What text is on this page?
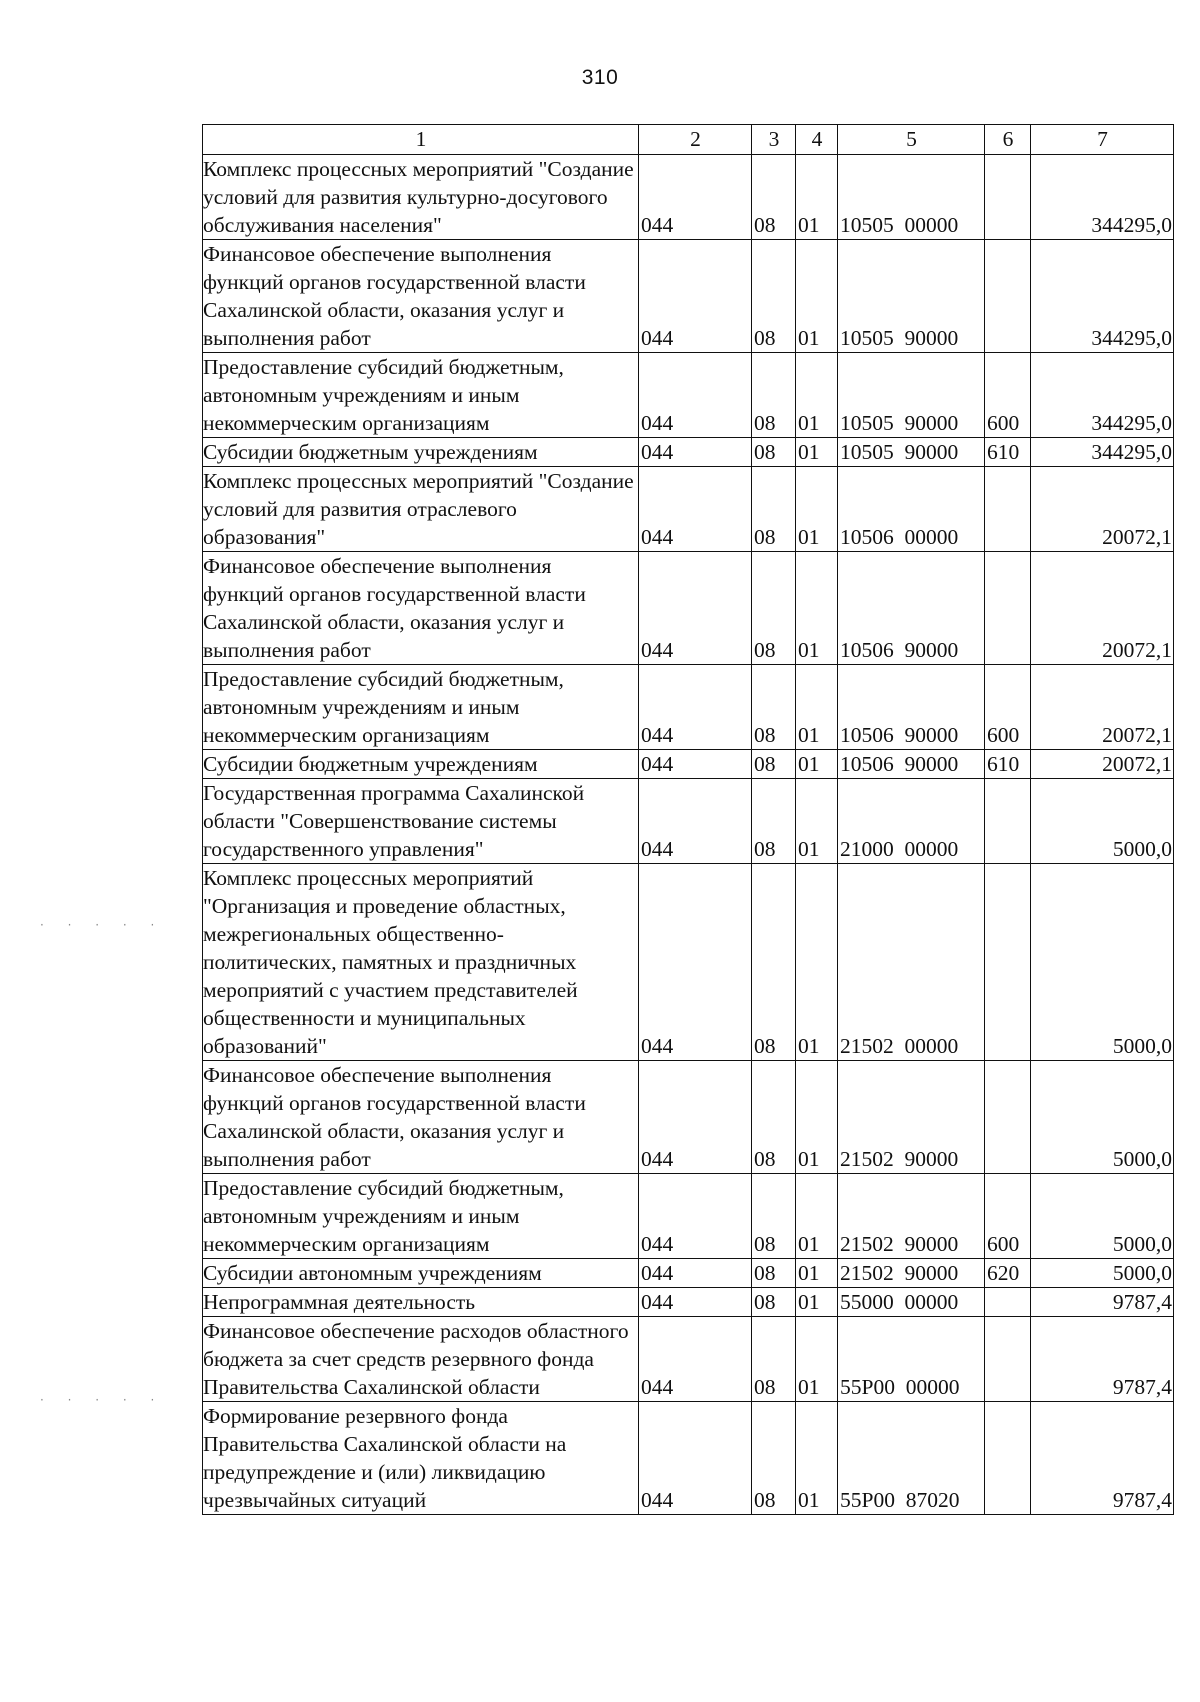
310
· · · · ·
· · · · ·
1	2	3	4	5	6	7
Комплекс процессных мероприятий "Создание условий для развития культурно-досугового обслуживания населения"	044	08	01	10505  00000		344295,0
Финансовое обеспечение выполнения функций органов государственной власти Сахалинской области, оказания услуг и выполнения работ	044	08	01	10505  90000		344295,0
Предоставление субсидий бюджетным, автономным учреждениям и иным некоммерческим организациям	044	08	01	10505  90000	600	344295,0
Субсидии бюджетным учреждениям	044	08	01	10505  90000	610	344295,0
Комплекс процессных мероприятий "Создание условий для развития отраслевого образования"	044	08	01	10506  00000		20072,1
Финансовое обеспечение выполнения функций органов государственной власти Сахалинской области, оказания услуг и выполнения работ	044	08	01	10506  90000		20072,1
Предоставление субсидий бюджетным, автономным учреждениям и иным некоммерческим организациям	044	08	01	10506  90000	600	20072,1
Субсидии бюджетным учреждениям	044	08	01	10506  90000	610	20072,1
Государственная программа Сахалинской области "Совершенствование системы государственного управления"	044	08	01	21000  00000		5000,0
Комплекс процессных мероприятий "Организация и проведение областных, межрегиональных общественно-политических, памятных и праздничных мероприятий с участием представителей общественности и муниципальных образований"	044	08	01	21502  00000		5000,0
Финансовое обеспечение выполнения функций органов государственной власти Сахалинской области, оказания услуг и выполнения работ	044	08	01	21502  90000		5000,0
Предоставление субсидий бюджетным, автономным учреждениям и иным некоммерческим организациям	044	08	01	21502  90000	600	5000,0
Субсидии автономным учреждениям	044	08	01	21502  90000	620	5000,0
Непрограммная деятельность	044	08	01	55000  00000		9787,4
Финансовое обеспечение расходов областного бюджета за счет средств резервного фонда Правительства Сахалинской области	044	08	01	55Р00  00000		9787,4
Формирование резервного фонда Правительства Сахалинской области на предупреждение и (или) ликвидацию чрезвычайных ситуаций	044	08	01	55Р00  87020		9787,4
